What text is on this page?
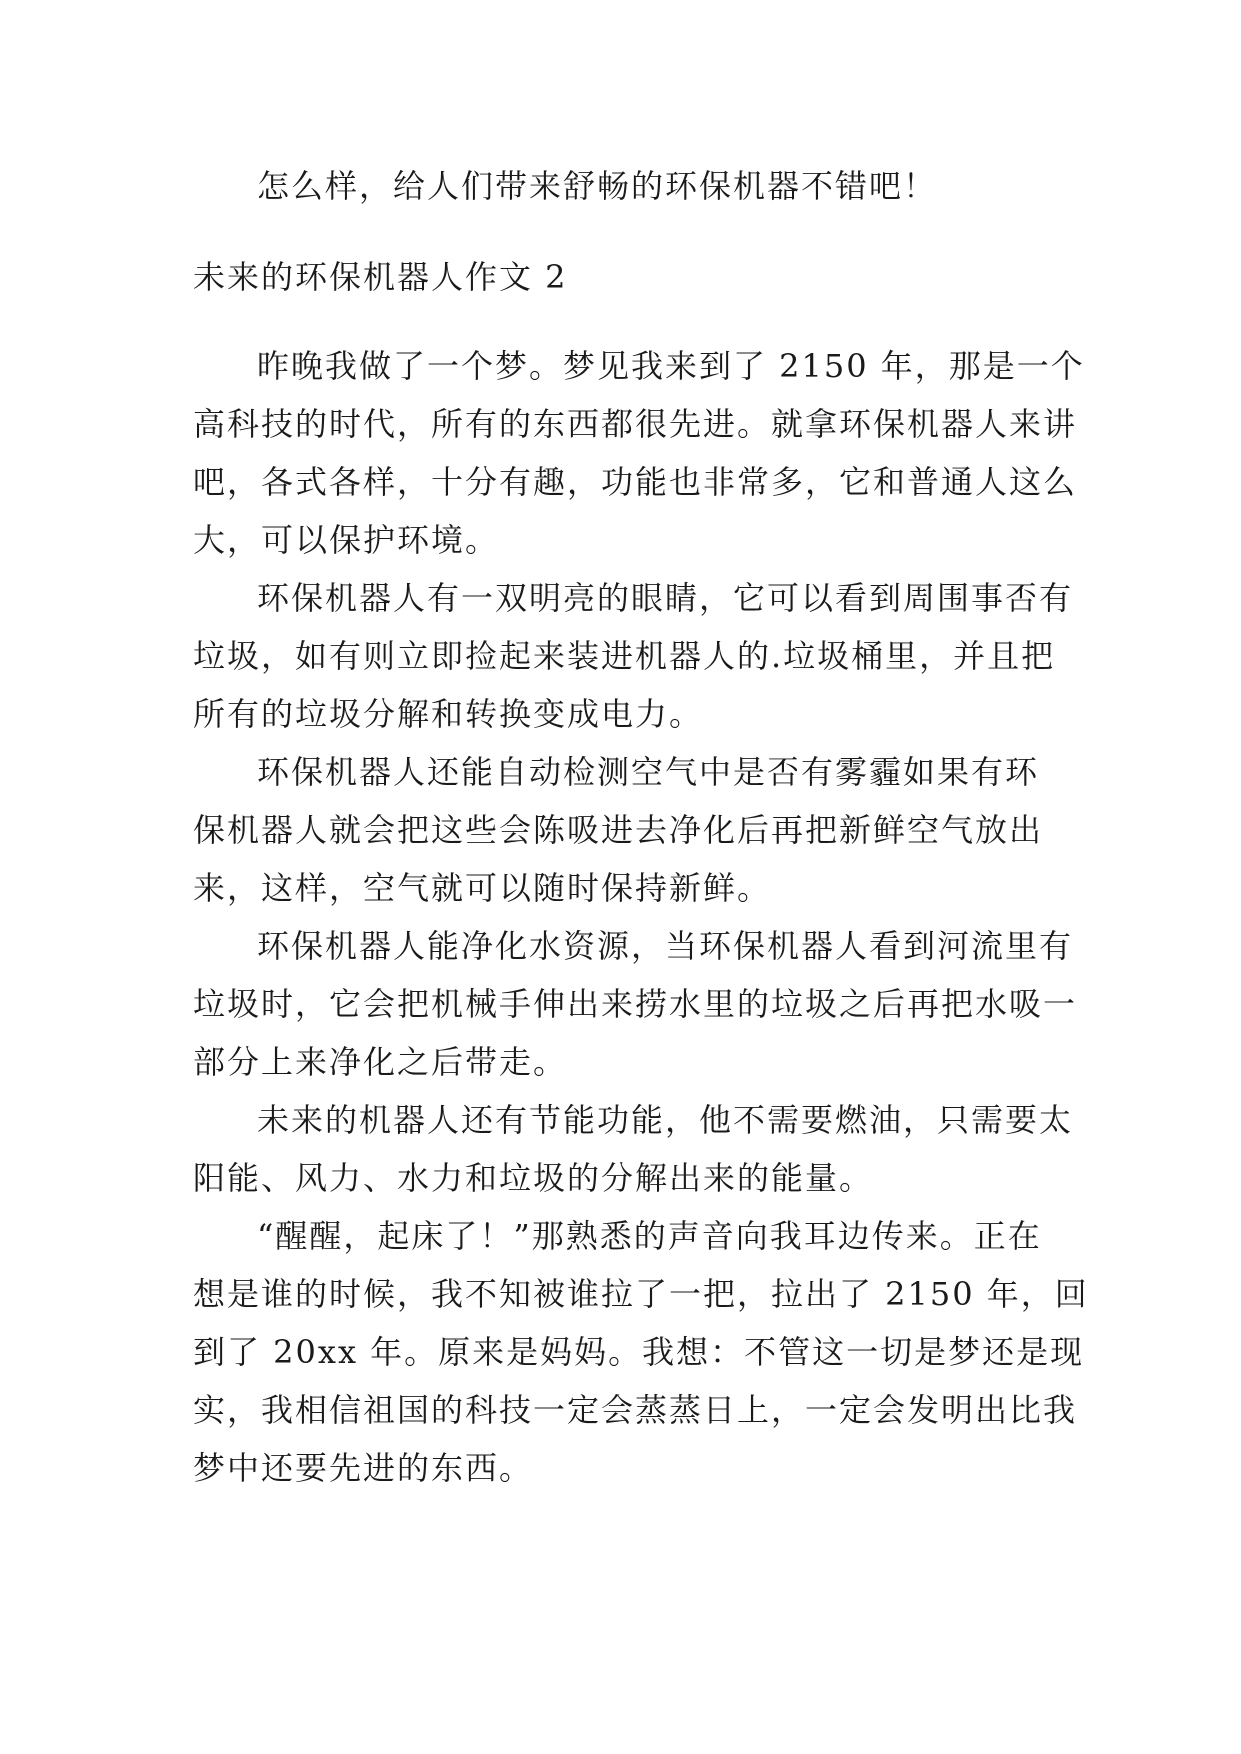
怎么样，给人们带来舒畅的环保机器不错吧！
未来的环保机器人作文 2
昨晚我做了一个梦。梦见我来到了 2150 年，那是一个
高科技的时代，所有的东西都很先进。就拿环保机器人来讲
吧，各式各样，十分有趣，功能也非常多，它和普通人这么
大，可以保护环境。
环保机器人有一双明亮的眼睛，它可以看到周围事否有
垃圾，如有则立即捡起来装进机器人的.垃圾桶里，并且把
所有的垃圾分解和转换变成电力。
环保机器人还能自动检测空气中是否有雾霾如果有环
保机器人就会把这些会陈吸进去净化后再把新鲜空气放出
来，这样，空气就可以随时保持新鲜。
环保机器人能净化水资源，当环保机器人看到河流里有
垃圾时，它会把机械手伸出来捞水里的垃圾之后再把水吸一
部分上来净化之后带走。
未来的机器人还有节能功能，他不需要燃油，只需要太
阳能、风力、水力和垃圾的分解出来的能量。
“醒醒，起床了！”那熟悉的声音向我耳边传来。正在
想是谁的时候，我不知被谁拉了一把，拉出了 2150 年，回
到了 20xx 年。原来是妈妈。我想：不管这一切是梦还是现
实，我相信祖国的科技一定会蒸蒸日上，一定会发明出比我
梦中还要先进的东西。
